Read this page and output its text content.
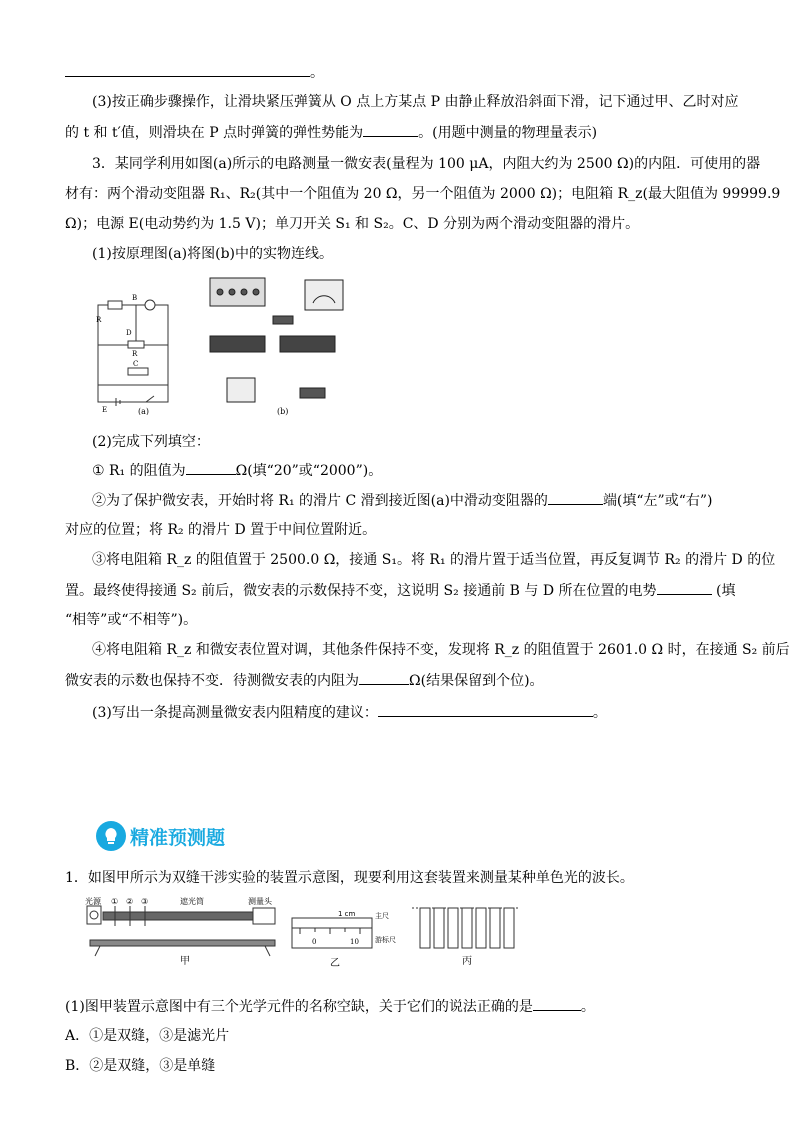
。
(3)按正确步骤操作，让滑块紧压弹簧从 O 点上方某点 P 由静止释放沿斜面下滑，记下通过甲、乙时对应
的 t 和 t′值，则滑块在 P 点时弹簧的弹性势能为	。(用题中测量的物理量表示)
3．某同学利用如图(a)所示的电路测量一微安表(量程为 100 μA，内阻大约为 2500 Ω)的内阻．可使用的器
材有：两个滑动变阻器 R₁、R₂(其中一个阻值为 20 Ω，另一个阻值为 2000 Ω)；电阻箱 R_z(最大阻值为 99999.9
Ω)；电源 E(电动势约为 1.5 V)；单刀开关 S₁ 和 S₂。C、D 分别为两个滑动变阻器的滑片。
(1)按原理图(a)将图(b)中的实物连线。
R
B
D
R
C
E	(a)	(b)
(2)完成下列填空：
① R₁ 的阻值为	Ω(填“20”或“2000”)。
②为了保护微安表，开始时将 R₁ 的滑片 C 滑到接近图(a)中滑动变阻器的	端(填“左”或“右”)
对应的位置；将 R₂ 的滑片 D 置于中间位置附近。
③将电阻箱 R_z 的阻值置于 2500.0 Ω，接通 S₁。将 R₁ 的滑片置于适当位置，再反复调节 R₂ 的滑片 D 的位
置。最终使得接通 S₂ 前后，微安表的示数保持不变，这说明 S₂ 接通前 B 与 D 所在位置的电势	(填
“相等”或“不相等”)。
④将电阻箱 R_z 和微安表位置对调，其他条件保持不变，发现将 R_z 的阻值置于 2601.0 Ω 时，在接通 S₂ 前后
微安表的示数也保持不变．待测微安表的内阻为	Ω(结果保留到个位)。
(3)写出一条提高测量微安表内阻精度的建议：	。
精准预测题
1．如图甲所示为双缝干涉实验的装置示意图，现要利用这套装置来测量某种单色光的波长。
光源 ① ② ③	遮光筒	测量头
甲
1 cm	主尺
游标尺
0	10
乙	丙
(1)图甲装置示意图中有三个光学元件的名称空缺，关于它们的说法正确的是	。
A．①是双缝，③是滤光片
B．②是双缝，③是单缝
